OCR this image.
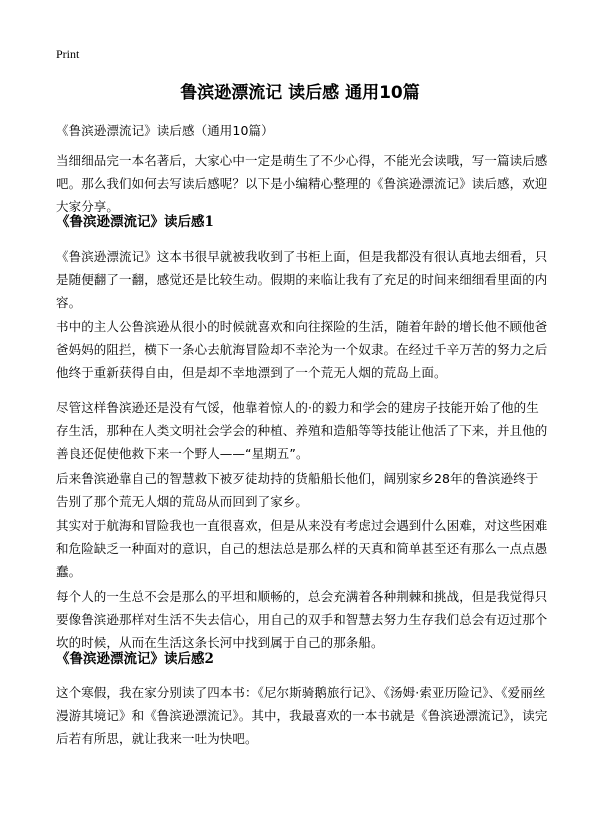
Print
鲁滨逊漂流记 读后感 通用10篇

《鲁滨逊漂流记》读后感（通用10篇）

当细细品完一本名著后，大家心中一定是萌生了不少心得，不能光会读哦，写一篇读后感吧。那么我们如何去写读后感呢？以下是小编精心整理的《鲁滨逊漂流记》读后感，欢迎大家分享。

《鲁滨逊漂流记》读后感1

《鲁滨逊漂流记》这本书很早就被我收到了书柜上面，但是我都没有很认真地去细看，只是随便翻了一翻，感觉还是比较生动。假期的来临让我有了充足的时间来细细看里面的内容。

书中的主人公鲁滨逊从很小的时候就喜欢和向往探险的生活，随着年龄的增长他不顾他爸爸妈妈的阻拦，横下一条心去航海冒险却不幸沦为一个奴隶。在经过千辛万苦的努力之后他终于重新获得自由，但是却不幸地漂到了一个荒无人烟的荒岛上面。

尽管这样鲁滨逊还是没有气馁，他靠着惊人的·的毅力和学会的建房子技能开始了他的生存生活，那种在人类文明社会学会的种植、养殖和造船等等技能让他活了下来，并且他的善良还促使他救下来一个野人——“星期五”。

后来鲁滨逊靠自己的智慧救下被歹徒劫持的货船船长他们，阔别家乡28年的鲁滨逊终于告别了那个荒无人烟的荒岛从而回到了家乡。

其实对于航海和冒险我也一直很喜欢，但是从来没有考虑过会遇到什么困难，对这些困难和危险缺乏一种面对的意识，自己的想法总是那么样的天真和简单甚至还有那么一点点愚蠢。

每个人的一生总不会是那么的平坦和顺畅的，总会充满着各种荆棘和挑战，但是我觉得只要像鲁滨逊那样对生活不失去信心，用自己的双手和智慧去努力生存我们总会有迈过那个坎的时候，从而在生活这条长河中找到属于自己的那条船。

《鲁滨逊漂流记》读后感2

这个寒假，我在家分别读了四本书：《尼尔斯骑鹅旅行记》、《汤姆·索亚历险记》、《爱丽丝漫游其境记》和《鲁滨逊漂流记》。其中，我最喜欢的一本书就是《鲁滨逊漂流记》，读完后若有所思，就让我来一吐为快吧。
